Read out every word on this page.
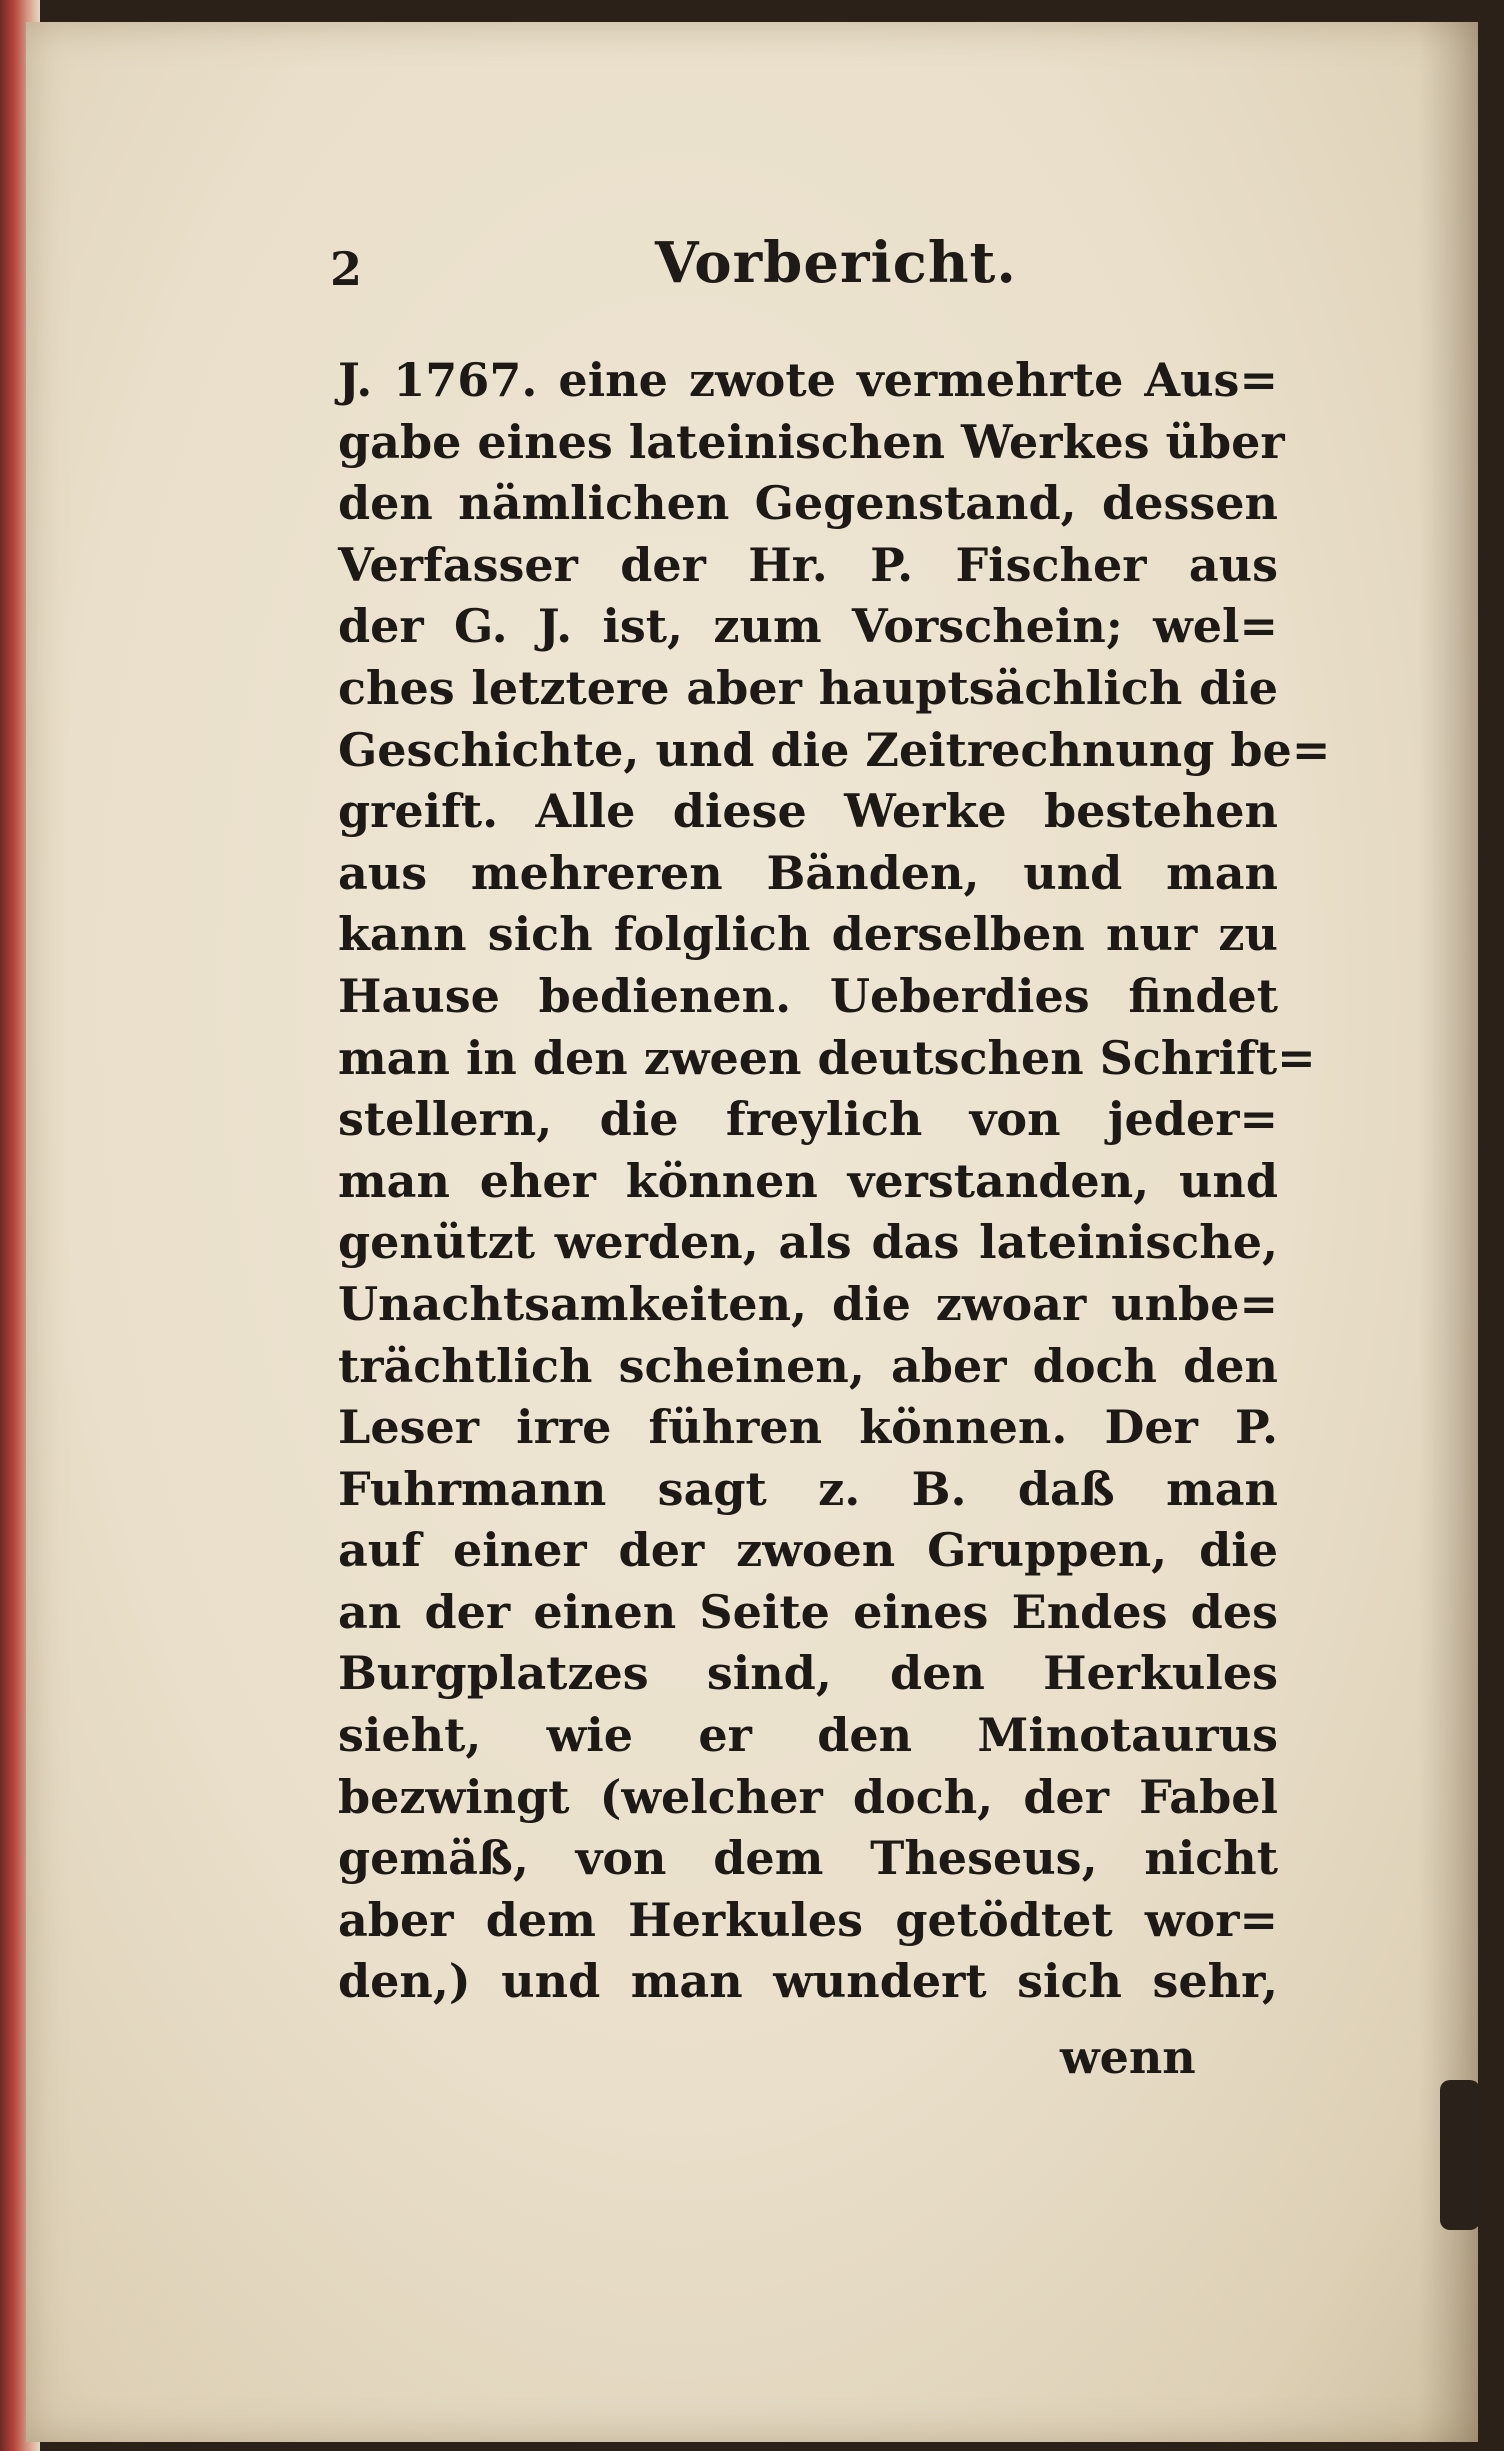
2	Vorbericht.
J. 1767. eine zwote vermehrte Aus=
gabe eines lateinischen Werkes über
den nämlichen Gegenstand, dessen
Verfasser der Hr. P. Fischer aus
der G. J. ist, zum Vorschein; wel=
ches letztere aber hauptsächlich die
Geschichte, und die Zeitrechnung be=
greift. Alle diese Werke bestehen
aus mehreren Bänden, und man
kann sich folglich derselben nur zu
Hause bedienen. Ueberdies findet
man in den zween deutschen Schrift=
stellern, die freylich von jeder=
man eher können verstanden, und
genützt werden, als das lateinische,
Unachtsamkeiten, die zwoar unbe=
trächtlich scheinen, aber doch den
Leser irre führen können. Der P.
Fuhrmann sagt z. B. daß man
auf einer der zwoen Gruppen, die
an der einen Seite eines Endes des
Burgplatzes sind, den Herkules
sieht, wie er den Minotaurus
bezwingt (welcher doch, der Fabel
gemäß, von dem Theseus, nicht
aber dem Herkules getödtet wor=
den,) und man wundert sich sehr,
wenn
